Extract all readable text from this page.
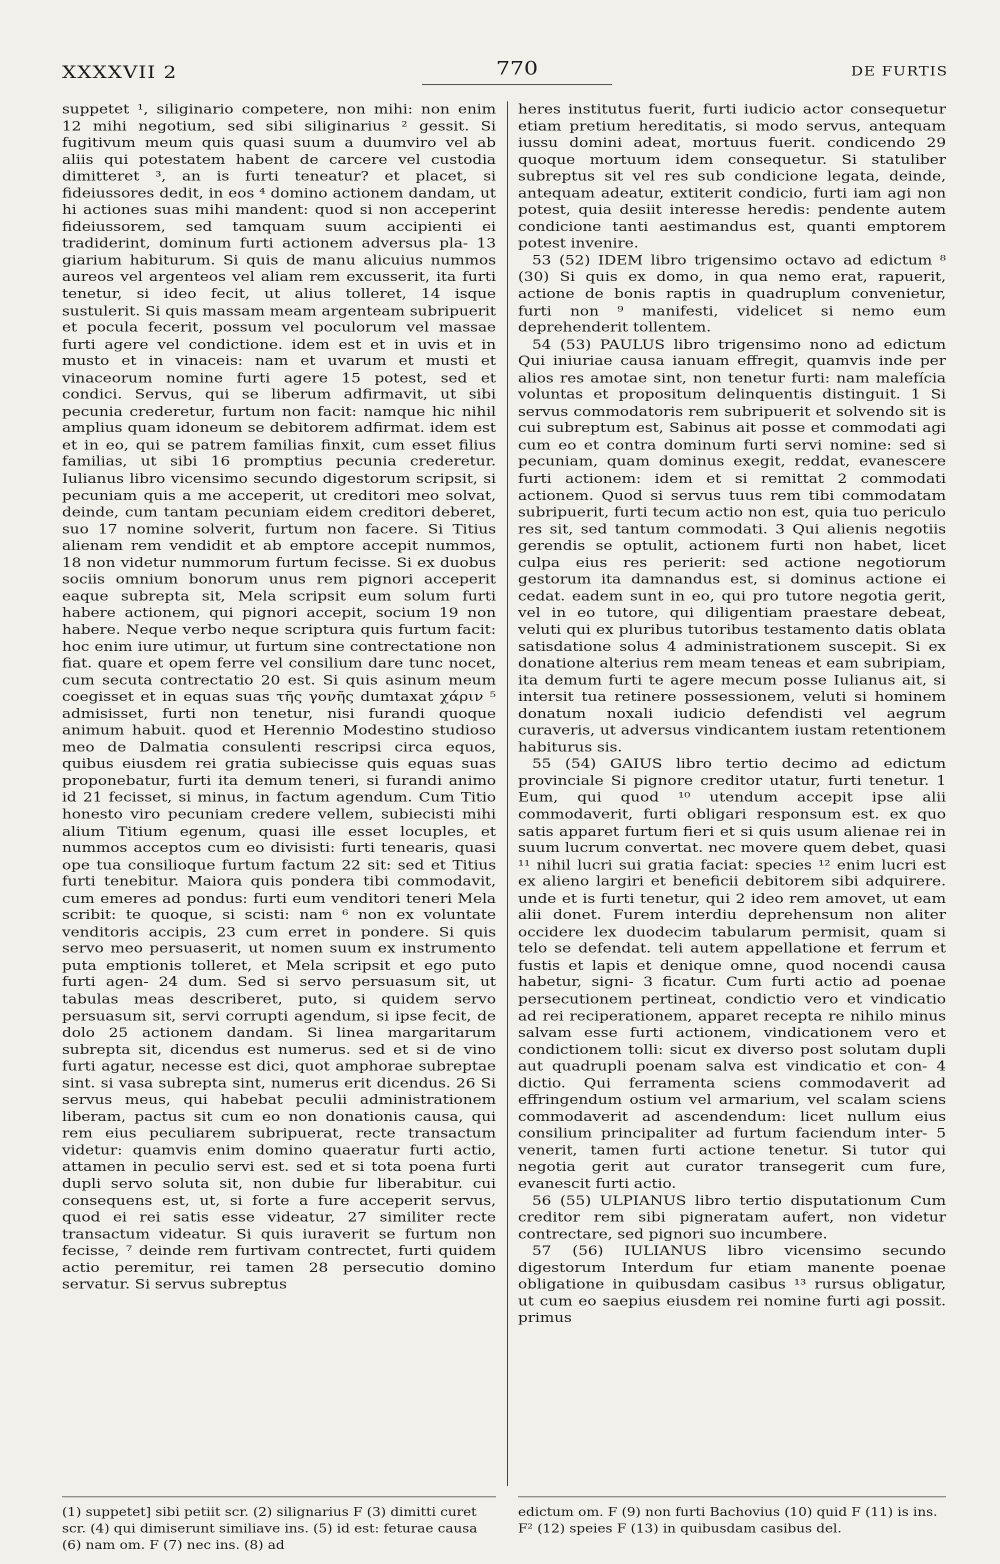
XXXXVII 2	770	DE FURTIS

suppetet ¹, siliginario competere, non mihi: non enim 12 mihi negotium, sed sibi siliginarius ² gessit. Si fugitivum meum quis quasi suum a duumviro vel ab aliis qui potestatem habent de carcere vel custodia dimitteret ³, an is furti teneatur? et placet, si fideiussores dedit, in eos ⁴ domino actionem dandam, ut hi actiones suas mihi mandent: quod si non acceperint fideiussorem, sed tamquam suum accipienti ei tradiderint, dominum furti actionem adversus pla- 13 giarium habiturum. Si quis de manu alicuius nummos aureos vel argenteos vel aliam rem excusserit, ita furti tenetur, si ideo fecit, ut alius tolleret, 14 isque sustulerit. Si quis massam meam argenteam subripuerit et pocula fecerit, possum vel poculorum vel massae furti agere vel condictione. idem est et in uvis et in musto et in vinaceis: nam et uvarum et musti et vinaceorum nomine furti agere 15 potest, sed et condici. Servus, qui se liberum adfirmavit, ut sibi pecunia crederetur, furtum non facit: namque hic nihil amplius quam idoneum se debitorem adfirmat. idem est et in eo, qui se patrem familias finxit, cum esset filius familias, ut sibi 16 promptius pecunia crederetur. Iulianus libro vicensimo secundo digestorum scripsit, si pecuniam quis a me acceperit, ut creditori meo solvat, deinde, cum tantam pecuniam eidem creditori deberet, suo 17 nomine solverit, furtum non facere. Si Titius alienam rem vendidit et ab emptore accepit nummos, 18 non videtur nummorum furtum fecisse. Si ex duobus sociis omnium bonorum unus rem pignori acceperit eaque subrepta sit, Mela scripsit eum solum furti habere actionem, qui pignori accepit, socium 19 non habere. Neque verbo neque scriptura quis furtum facit: hoc enim iure utimur, ut furtum sine contrectatione non fiat. quare et opem ferre vel consilium dare tunc nocet, cum secuta contrectatio 20 est. Si quis asinum meum coegisset et in equas suas τῆς γονῆς dumtaxat χάριν ⁵ admisisset, furti non tenetur, nisi furandi quoque animum habuit. quod et Herennio Modestino studioso meo de Dalmatia consulenti rescripsi circa equos, quibus eiusdem rei gratia subiecisse quis equas suas proponebatur, furti ita demum teneri, si furandi animo id 21 fecisset, si minus, in factum agendum. Cum Titio honesto viro pecuniam credere vellem, subiecisti mihi alium Titium egenum, quasi ille esset locuples, et nummos acceptos cum eo divisisti: furti tenearis, quasi ope tua consilioque furtum factum 22 sit: sed et Titius furti tenebitur. Maiora quis pondera tibi commodavit, cum emeres ad pondus: furti eum venditori teneri Mela scribit: te quoque, si scisti: nam ⁶ non ex voluntate venditoris accipis, 23 cum erret in pondere. Si quis servo meo persuaserit, ut nomen suum ex instrumento puta emptionis tolleret, et Mela scripsit et ego puto furti agen- 24 dum. Sed si servo persuasum sit, ut tabulas meas describeret, puto, si quidem servo persuasum sit, servi corrupti agendum, si ipse fecit, de dolo 25 actionem dandam. Si linea margaritarum subrepta sit, dicendus est numerus. sed et si de vino furti agatur, necesse est dici, quot amphorae subreptae sint. si vasa subrepta sint, numerus erit dicendus. 26 Si servus meus, qui habebat peculii administrationem liberam, pactus sit cum eo non donationis causa, qui rem eius peculiarem subripuerat, recte transactum videtur: quamvis enim domino quaeratur furti actio, attamen in peculio servi est. sed et si tota poena furti dupli servo soluta sit, non dubie fur liberabitur. cui consequens est, ut, si forte a fure acceperit servus, quod ei rei satis esse videatur, 27 similiter recte transactum videatur. Si quis iuraverit se furtum non fecisse, ⁷ deinde rem furtivam contrectet, furti quidem actio peremitur, rei tamen 28 persecutio domino servatur. Si servus subreptus

heres institutus fuerit, furti iudicio actor consequetur etiam pretium hereditatis, si modo servus, antequam iussu domini adeat, mortuus fuerit. condicendo 29 quoque mortuum idem consequetur. Si statuliber subreptus sit vel res sub condicione legata, deinde, antequam adeatur, extiterit condicio, furti iam agi non potest, quia desiit interesse heredis: pendente autem condicione tanti aestimandus est, quanti emptorem potest invenire.

53 (52) IDEM libro trigensimo octavo ad edictum ⁸ (30) Si quis ex domo, in qua nemo erat, rapuerit, actione de bonis raptis in quadruplum convenietur, furti non ⁹ manifesti, videlicet si nemo eum deprehenderit tollentem.

54 (53) PAULUS libro trigensimo nono ad edictum Qui iniuriae causa ianuam effregit, quamvis inde per alios res amotae sint, non tenetur furti: nam malefícia voluntas et propositum delinquentis distinguit. 1 Si servus commodatoris rem subripuerit et solvendo sit is cui subreptum est, Sabinus ait posse et commodati agi cum eo et contra dominum furti servi nomine: sed si pecuniam, quam dominus exegit, reddat, evanescere furti actionem: idem et si remittat 2 commodati actionem. Quod si servus tuus rem tibi commodatam subripuerit, furti tecum actio non est, quia tuo periculo res sit, sed tantum commodati. 3 Qui alienis negotiis gerendis se optulit, actionem furti non habet, licet culpa eius res perierit: sed actione negotiorum gestorum ita damnandus est, si dominus actione ei cedat. eadem sunt in eo, qui pro tutore negotia gerit, vel in eo tutore, qui diligentiam praestare debeat, veluti qui ex pluribus tutoribus testamento datis oblata satisdatione solus 4 administrationem suscepit. Si ex donatione alterius rem meam teneas et eam subripiam, ita demum furti te agere mecum posse Iulianus ait, si intersit tua retinere possessionem, veluti si hominem donatum noxali iudicio defendisti vel aegrum curaveris, ut adversus vindicantem iustam retentionem habiturus sis.

55 (54) GAIUS libro tertio decimo ad edictum provinciale Si pignore creditor utatur, furti tenetur. 1 Eum, qui quod ¹⁰ utendum accepit ipse alii commodaverit, furti obligari responsum est. ex quo satis apparet furtum fieri et si quis usum alienae rei in suum lucrum convertat. nec movere quem debet, quasi ¹¹ nihil lucri sui gratia faciat: species ¹² enim lucri est ex alieno largiri et beneficii debitorem sibi adquirere. unde et is furti tenetur, qui 2 ideo rem amovet, ut eam alii donet. Furem interdiu deprehensum non aliter occidere lex duodecim tabularum permisit, quam si telo se defendat. teli autem appellatione et ferrum et fustis et lapis et denique omne, quod nocendi causa habetur, signi- 3 ficatur. Cum furti actio ad poenae persecutionem pertineat, condictio vero et vindicatio ad rei reciperationem, apparet recepta re nihilo minus salvam esse furti actionem, vindicationem vero et condictionem tolli: sicut ex diverso post solutam dupli aut quadrupli poenam salva est vindicatio et con- 4 dictio. Qui ferramenta sciens commodaverit ad effringendum ostium vel armarium, vel scalam sciens commodaverit ad ascendendum: licet nullum eius consilium principaliter ad furtum faciendum inter- 5 venerit, tamen furti actione tenetur. Si tutor qui negotia gerit aut curator transegerit cum fure, evanescit furti actio.

56 (55) ULPIANUS libro tertio disputationum Cum creditor rem sibi pigneratam aufert, non videtur contrectare, sed pignori suo incumbere.

57 (56) IULIANUS libro vicensimo secundo digestorum Interdum fur etiam manente poenae obligatione in quibusdam casibus ¹³ rursus obligatur, ut cum eo saepius eiusdem rei nomine furti agi possit. primus

(1) suppetet] sibi petiit scr. (2) silignarius F (3) dimitti curet scr. (4) qui dimiserunt similiave ins. (5) id est: feturae causa (6) nam om. F (7) nec ins. (8) ad
edictum om. F (9) non furti Bachovius (10) quid F (11) is ins. F² (12) speies F (13) in quibusdam casibus del.
